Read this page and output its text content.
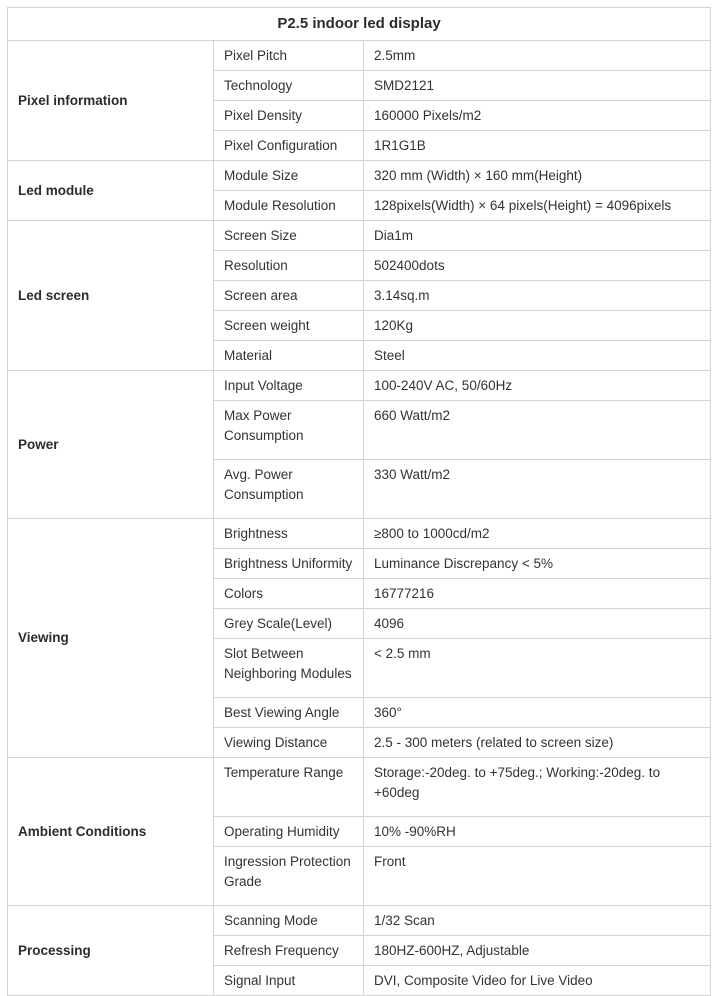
P2.5 indoor led display		
Pixel information	Pixel Pitch	2.5mm
	Technology	SMD2121
	Pixel Density	160000 Pixels/m2
	Pixel Configuration	1R1G1B
Led module	Module Size	320 mm (Width) × 160 mm(Height)
	Module Resolution	128pixels(Width) × 64 pixels(Height) = 4096pixels
Led screen	Screen Size	Dia1m
	Resolution	502400dots
	Screen area	3.14sq.m
	Screen weight	120Kg
	Material	Steel
Power	Input Voltage	100-240V AC, 50/60Hz
	Max Power Consumption	660 Watt/m2
	Avg. Power Consumption	330 Watt/m2
Viewing	Brightness	≥800 to 1000cd/m2
	Brightness Uniformity	Luminance Discrepancy < 5%
	Colors	16777216
	Grey Scale(Level)	4096
	Slot Between Neighboring Modules	< 2.5 mm
	Best Viewing Angle	360°
	Viewing Distance	2.5 - 300 meters (related to screen size)
Ambient Conditions	Temperature Range	Storage:-20deg. to +75deg.; Working:-20deg. to +60deg
	Operating Humidity	10% -90%RH
	Ingression Protection Grade	Front
Processing	Scanning Mode	1/32 Scan
	Refresh Frequency	180HZ-600HZ, Adjustable
	Signal Input	DVI, Composite Video for Live Video
